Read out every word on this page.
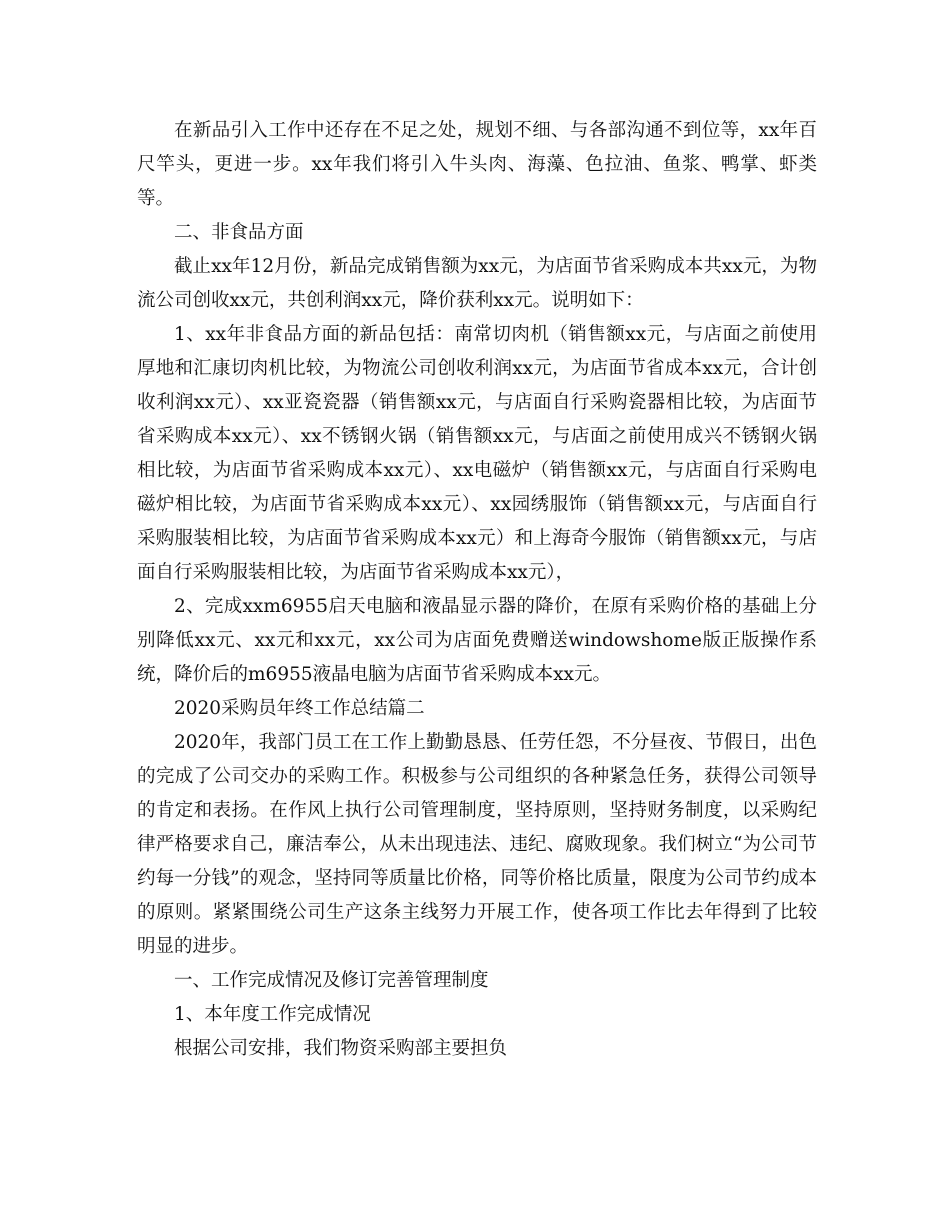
在新品引入工作中还存在不足之处，规划不细、与各部沟通不到位等，xx年百尺竿头，更进一步。xx年我们将引入牛头肉、海藻、色拉油、鱼浆、鸭掌、虾类等。

二、非食品方面

截止xx年12月份，新品完成销售额为xx元，为店面节省采购成本共xx元，为物流公司创收xx元，共创利润xx元，降价获利xx元。说明如下：

1、xx年非食品方面的新品包括：南常切肉机（销售额xx元，与店面之前使用厚地和汇康切肉机比较，为物流公司创收利润xx元，为店面节省成本xx元，合计创收利润xx元）、xx亚瓷瓷器（销售额xx元，与店面自行采购瓷器相比较，为店面节省采购成本xx元）、xx不锈钢火锅（销售额xx元，与店面之前使用成兴不锈钢火锅相比较，为店面节省采购成本xx元）、xx电磁炉（销售额xx元，与店面自行采购电磁炉相比较，为店面节省采购成本xx元）、xx园绣服饰（销售额xx元，与店面自行采购服装相比较，为店面节省采购成本xx元）和上海奇今服饰（销售额xx元，与店面自行采购服装相比较，为店面节省采购成本xx元），

2、完成xxm6955启天电脑和液晶显示器的降价，在原有采购价格的基础上分别降低xx元、xx元和xx元，xx公司为店面免费赠送windowshome版正版操作系统，降价后的m6955液晶电脑为店面节省采购成本xx元。

2020采购员年终工作总结篇二

2020年，我部门员工在工作上勤勤恳恳、任劳任怨，不分昼夜、节假日，出色的完成了公司交办的采购工作。积极参与公司组织的各种紧急任务，获得公司领导的肯定和表扬。在作风上执行公司管理制度，坚持原则，坚持财务制度，以采购纪律严格要求自己，廉洁奉公，从未出现违法、违纪、腐败现象。我们树立“为公司节约每一分钱”的观念，坚持同等质量比价格，同等价格比质量，限度为公司节约成本的原则。紧紧围绕公司生产这条主线努力开展工作，使各项工作比去年得到了比较明显的进步。

一、工作完成情况及修订完善管理制度

1、本年度工作完成情况

根据公司安排，我们物资采购部主要担负
